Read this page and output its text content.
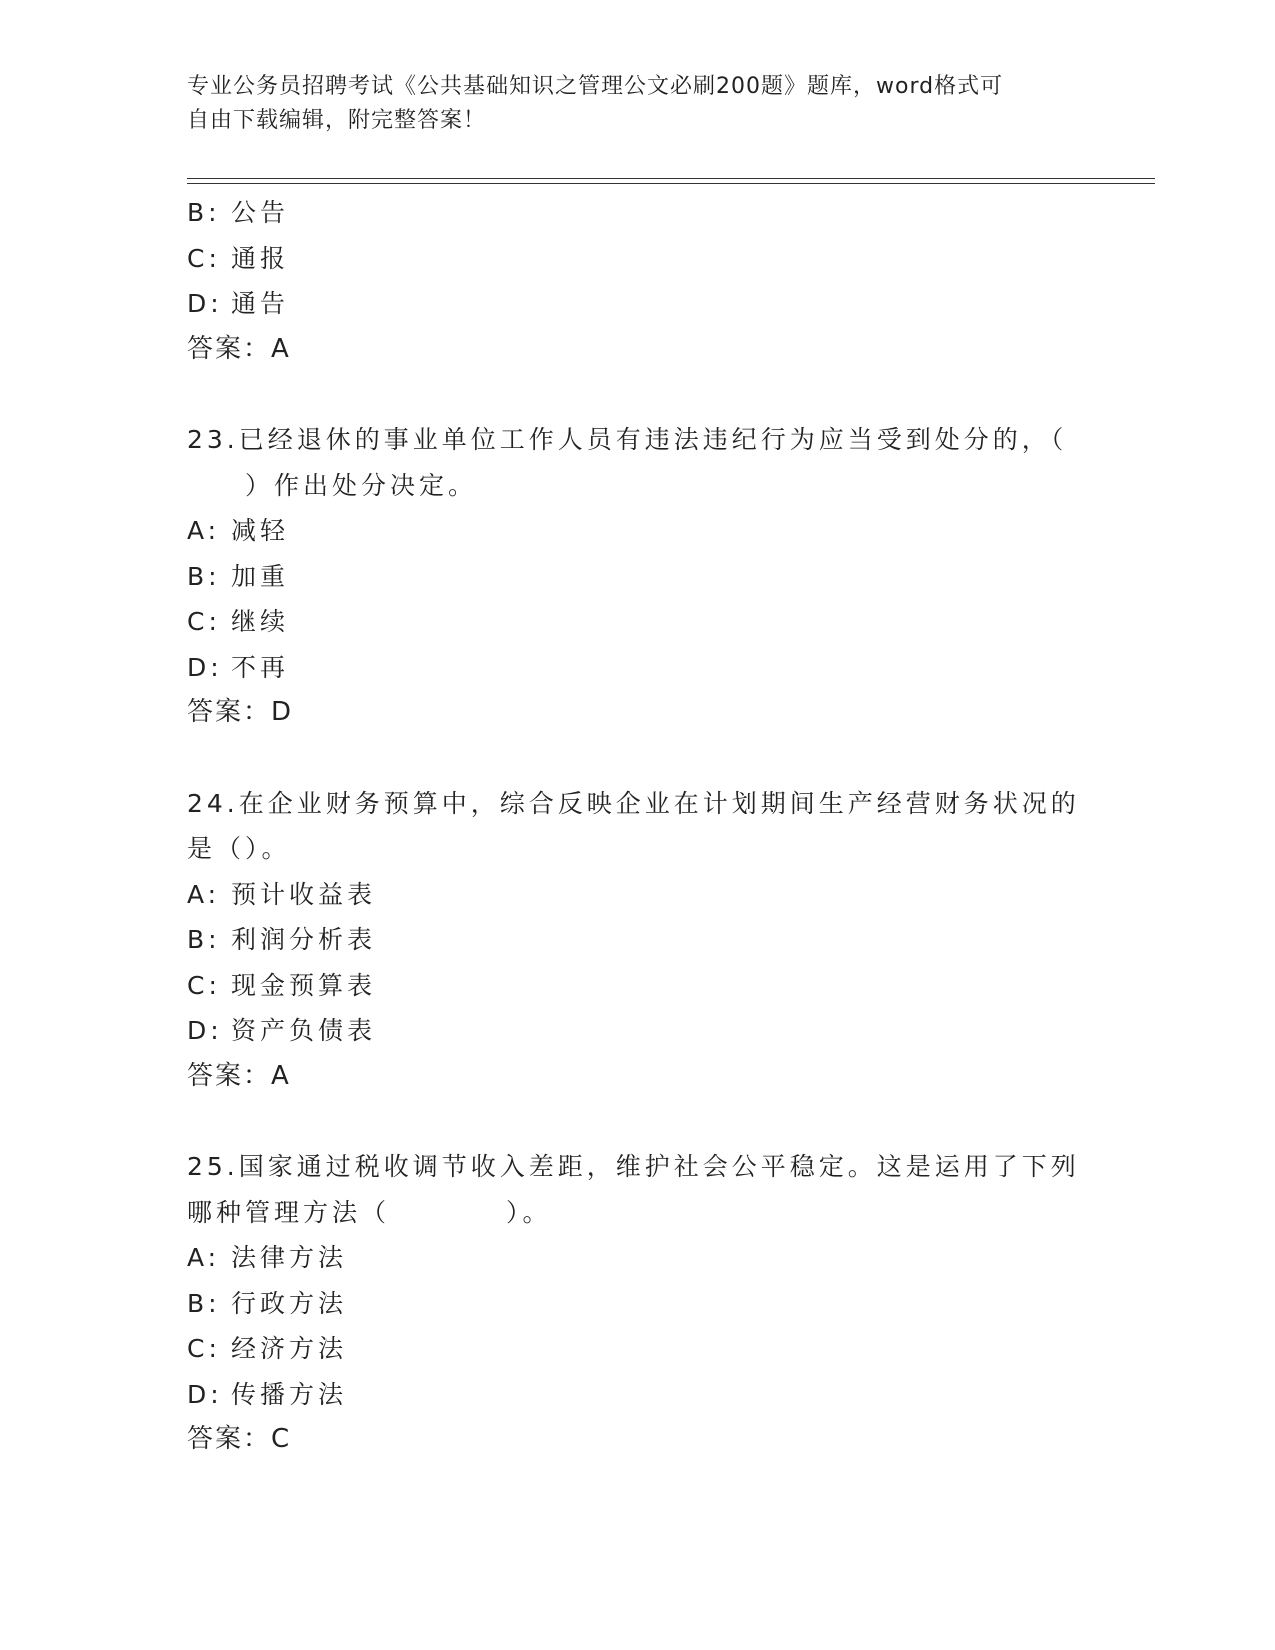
专业公务员招聘考试《公共基础知识之管理公文必刷200题》题库，word格式可
自由下载编辑，附完整答案！
B: 公告
C: 通报
D: 通告
答案：A
23.已经退休的事业单位工作人员有违法违纪行为应当受到处分的，（
　　）作出处分决定。
A: 减轻
B: 加重
C: 继续
D: 不再
答案：D
24.在企业财务预算中，综合反映企业在计划期间生产经营财务状况的
是（）。
A: 预计收益表
B: 利润分析表
C: 现金预算表
D: 资产负债表
答案：A
25.国家通过税收调节收入差距，维护社会公平稳定。这是运用了下列
哪种管理方法（　　　　）。
A: 法律方法
B: 行政方法
C: 经济方法
D: 传播方法
答案：C
